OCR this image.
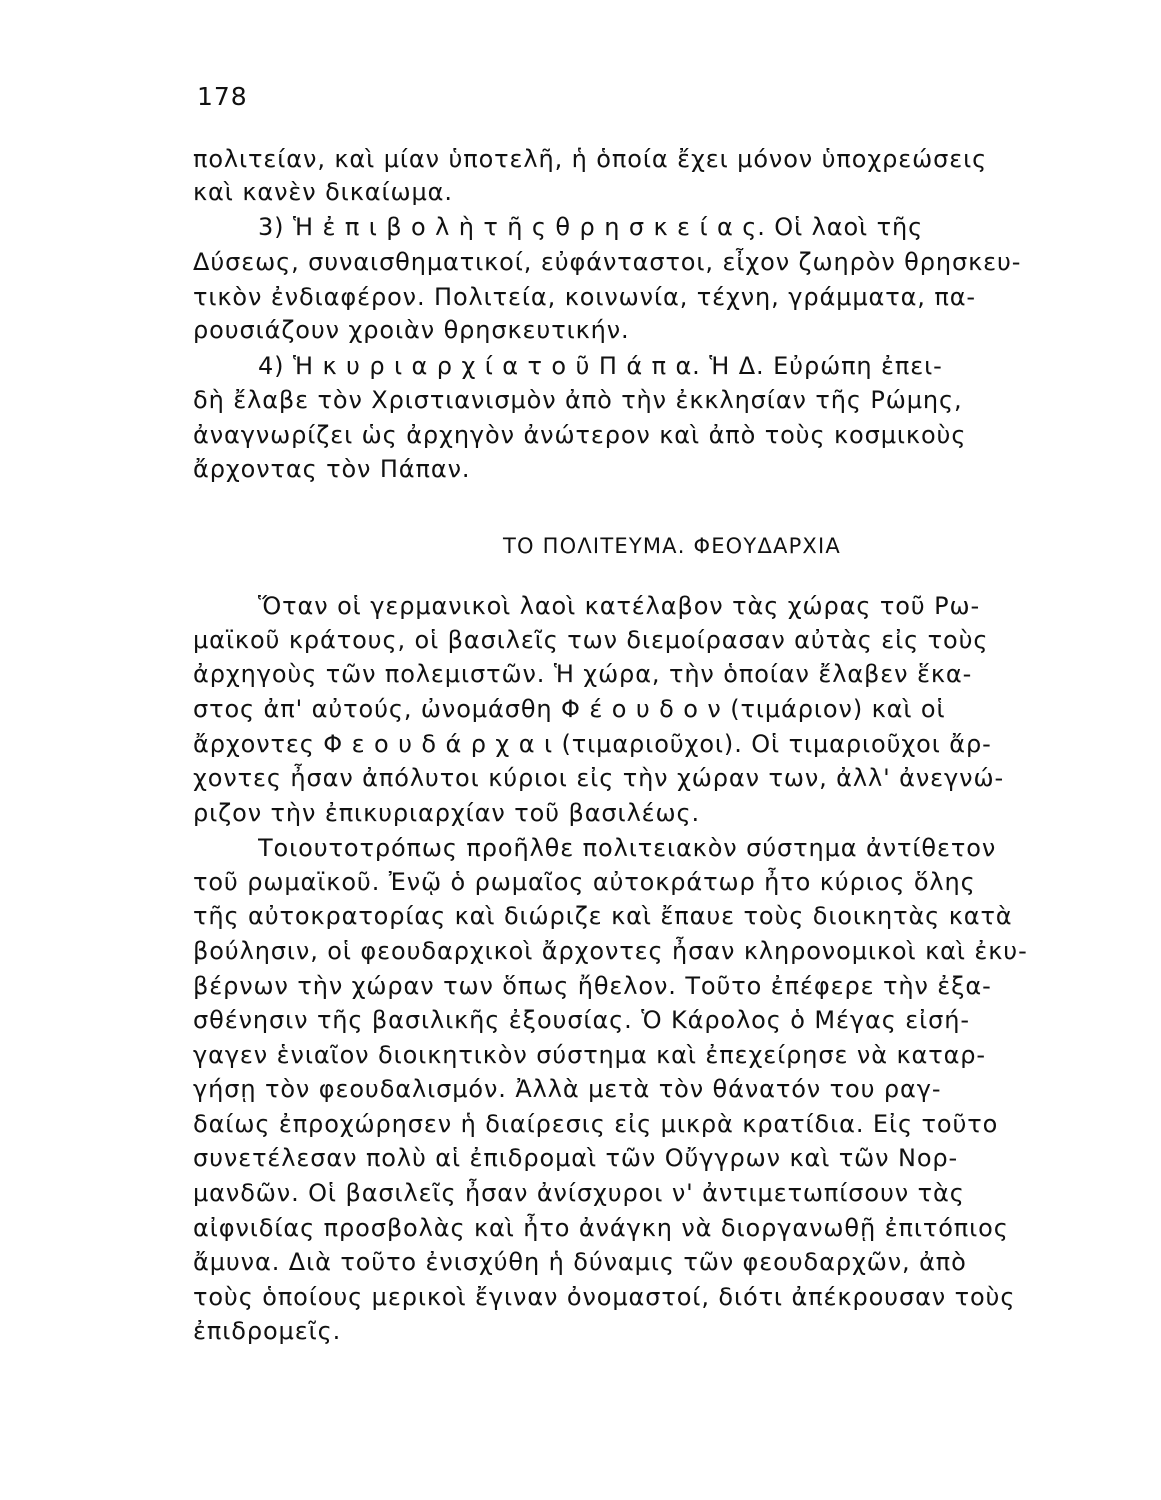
178
πολιτείαν, καὶ μίαν ὑποτελῆ, ἡ ὁποία ἔχει μόνον ὑποχρεώσεις
καὶ κανὲν δικαίωμα.
3) Ἡ ἐ π ι β ο λ ὴ τ ῆ ς θ ρ η σ κ ε ί α ς. Οἱ λαοὶ τῆς
Δύσεως, συναισθηματικοί, εὐφάνταστοι, εἶχον ζωηρὸν θρησκευ-
τικὸν ἐνδιαφέρον. Πολιτεία, κοινωνία, τέχνη, γράμματα, πα-
ρουσιάζουν χροιὰν θρησκευτικήν.
4) Ἡ κ υ ρ ι α ρ χ ί α τ ο ῦ Π ά π α. Ἡ Δ. Εὐρώπη ἐπει-
δὴ ἔλαβε τὸν Χριστιανισμὸν ἀπὸ τὴν ἐκκλησίαν τῆς Ρώμης,
ἀναγνωρίζει ὡς ἀρχηγὸν ἀνώτερον καὶ ἀπὸ τοὺς κοσμικοὺς
ἄρχοντας τὸν Πάπαν.
ΤΟ ΠΟΛΙΤΕΥΜΑ. ΦΕΟΥΔΑΡΧΙΑ
Ὅταν οἱ γερμανικοὶ λαοὶ κατέλαβον τὰς χώρας τοῦ Ρω-
μαϊκοῦ κράτους, οἱ βασιλεῖς των διεμοίρασαν αὐτὰς εἰς τοὺς
ἀρχηγοὺς τῶν πολεμιστῶν. Ἡ χώρα, τὴν ὁποίαν ἔλαβεν ἕκα-
στος ἀπ' αὐτούς, ὠνομάσθη Φ έ ο υ δ ο ν (τιμάριον) καὶ οἱ
ἄρχοντες Φ ε ο υ δ ά ρ χ α ι (τιμαριοῦχοι). Οἱ τιμαριοῦχοι ἄρ-
χοντες ἦσαν ἀπόλυτοι κύριοι εἰς τὴν χώραν των, ἀλλ' ἀνεγνώ-
ριζον τὴν ἐπικυριαρχίαν τοῦ βασιλέως.
Τοιουτοτρόπως προῆλθε πολιτειακὸν σύστημα ἀντίθετον
τοῦ ρωμαϊκοῦ. Ἐνῷ ὁ ρωμαῖος αὐτοκράτωρ ἦτο κύριος ὅλης
τῆς αὐτοκρατορίας καὶ διώριζε καὶ ἔπαυε τοὺς διοικητὰς κατὰ
βούλησιν, οἱ φεουδαρχικοὶ ἄρχοντες ἦσαν κληρονομικοὶ καὶ ἐκυ-
βέρνων τὴν χώραν των ὅπως ἤθελον. Τοῦτο ἐπέφερε τὴν ἐξα-
σθένησιν τῆς βασιλικῆς ἐξουσίας. Ὁ Κάρολος ὁ Μέγας εἰσή-
γαγεν ἑνιαῖον διοικητικὸν σύστημα καὶ ἐπεχείρησε νὰ καταρ-
γήσῃ τὸν φεουδαλισμόν. Ἀλλὰ μετὰ τὸν θάνατόν του ραγ-
δαίως ἐπροχώρησεν ἡ διαίρεσις εἰς μικρὰ κρατίδια. Εἰς τοῦτο
συνετέλεσαν πολὺ αἱ ἐπιδρομαὶ τῶν Οὔγγρων καὶ τῶν Νορ-
μανδῶν. Οἱ βασιλεῖς ἦσαν ἀνίσχυροι ν' ἀντιμετωπίσουν τὰς
αἰφνιδίας προσβολὰς καὶ ἦτο ἀνάγκη νὰ διοργανωθῇ ἐπιτόπιος
ἄμυνα. Διὰ τοῦτο ἐνισχύθη ἡ δύναμις τῶν φεουδαρχῶν, ἀπὸ
τοὺς ὁποίους μερικοὶ ἔγιναν ὀνομαστοί, διότι ἀπέκρουσαν τοὺς
ἐπιδρομεῖς.
